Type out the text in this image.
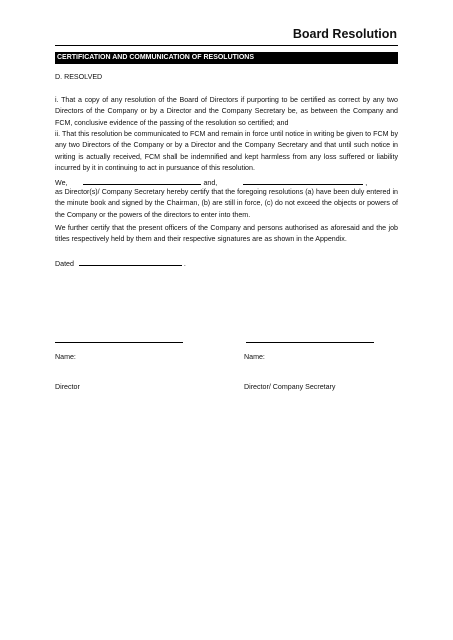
Board Resolution
CERTIFICATION AND COMMUNICATION OF RESOLUTIONS
D. RESOLVED
i. That a copy of any resolution of the Board of Directors if purporting to be certified as correct by any two Directors of the Company or by a Director and the Company Secretary be, as between the Company and FCM, conclusive evidence of the passing of the resolution so certified; and
ii. That this resolution be communicated to FCM and remain in force until notice in writing be given to FCM by any two Directors of the Company or by a Director and the Company Secretary and that until such notice in writing is actually received, FCM shall be indemnified and kept harmless from any loss suffered or liability incurred by it in continuing to act in pursuance of this resolution.
We,	and,	,
as Director(s)/ Company Secretary hereby certify that the foregoing resolutions (a) have been duly entered in the minute book and signed by the Chairman, (b) are still in force, (c) do not exceed the objects or powers of the Company or the powers of the directors to enter into them.
We further certify that the present officers of the Company and persons authorised as aforesaid and the job titles respectively held by them and their respective signatures are as shown in the Appendix.
Dated	.
Name:	Name:
Director	Director/ Company Secretary
